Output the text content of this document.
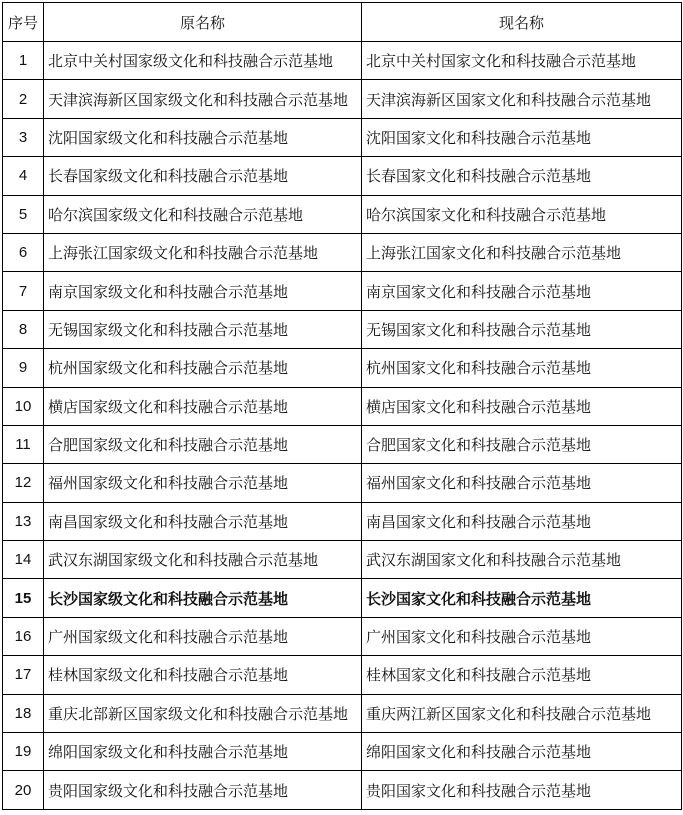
序号	原名称	现名称
1	北京中关村国家级文化和科技融合示范基地	北京中关村国家文化和科技融合示范基地
2	天津滨海新区国家级文化和科技融合示范基地	天津滨海新区国家文化和科技融合示范基地
3	沈阳国家级文化和科技融合示范基地	沈阳国家文化和科技融合示范基地
4	长春国家级文化和科技融合示范基地	长春国家文化和科技融合示范基地
5	哈尔滨国家级文化和科技融合示范基地	哈尔滨国家文化和科技融合示范基地
6	上海张江国家级文化和科技融合示范基地	上海张江国家文化和科技融合示范基地
7	南京国家级文化和科技融合示范基地	南京国家文化和科技融合示范基地
8	无锡国家级文化和科技融合示范基地	无锡国家文化和科技融合示范基地
9	杭州国家级文化和科技融合示范基地	杭州国家文化和科技融合示范基地
10	横店国家级文化和科技融合示范基地	横店国家文化和科技融合示范基地
11	合肥国家级文化和科技融合示范基地	合肥国家文化和科技融合示范基地
12	福州国家级文化和科技融合示范基地	福州国家文化和科技融合示范基地
13	南昌国家级文化和科技融合示范基地	南昌国家文化和科技融合示范基地
14	武汉东湖国家级文化和科技融合示范基地	武汉东湖国家文化和科技融合示范基地
15	长沙国家级文化和科技融合示范基地	长沙国家文化和科技融合示范基地
16	广州国家级文化和科技融合示范基地	广州国家文化和科技融合示范基地
17	桂林国家级文化和科技融合示范基地	桂林国家文化和科技融合示范基地
18	重庆北部新区国家级文化和科技融合示范基地	重庆两江新区国家文化和科技融合示范基地
19	绵阳国家级文化和科技融合示范基地	绵阳国家文化和科技融合示范基地
20	贵阳国家级文化和科技融合示范基地	贵阳国家文化和科技融合示范基地
